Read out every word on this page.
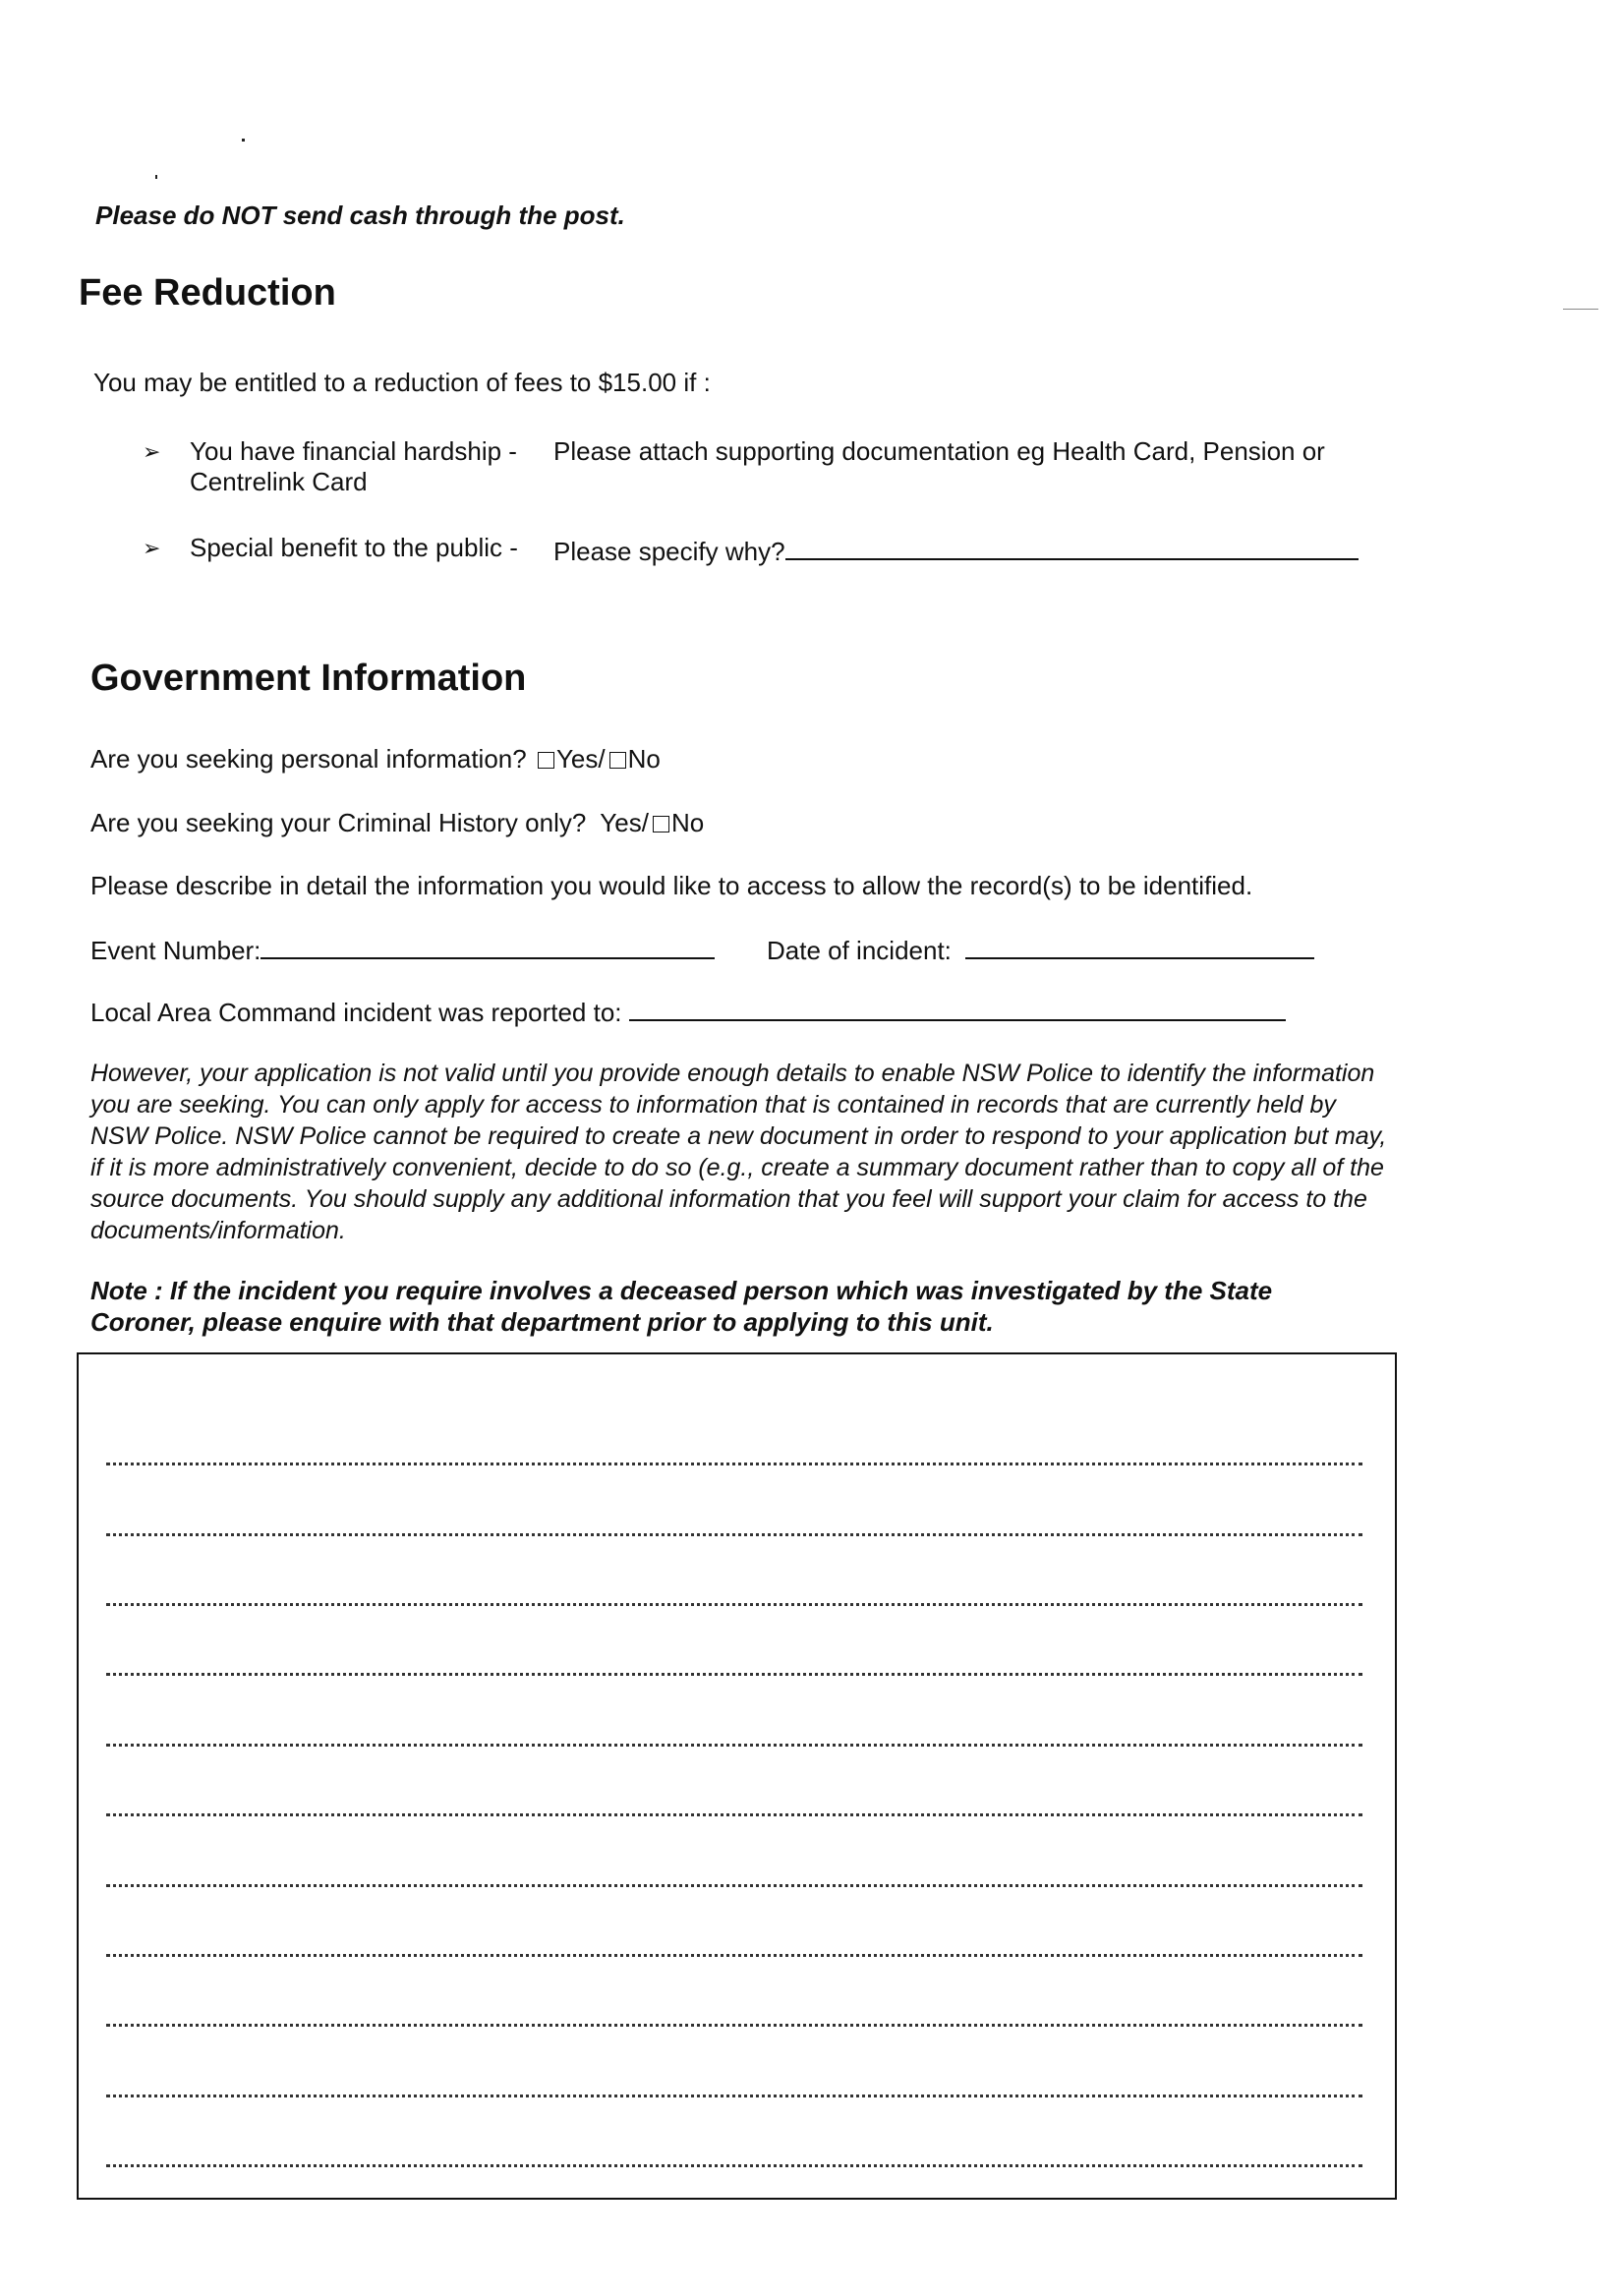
Please do NOT send cash through the post.
Fee Reduction
You may be entitled to a reduction of fees to $15.00 if :
➢ You have financial hardship - Please attach supporting documentation eg Health Card, Pension or
Centrelink Card
➢ Special benefit to the public - Please specify why?
Government Information
Are you seeking personal information? Yes/ No
Are you seeking your Criminal History only? Yes/ No
Please describe in detail the information you would like to access to allow the record(s) to be identified.
Event Number:	Date of incident:
Local Area Command incident was reported to:
However, your application is not valid until you provide enough details to enable NSW Police to identify the information you are seeking. You can only apply for access to information that is contained in records that are currently held by NSW Police. NSW Police cannot be required to create a new document in order to respond to your application but may, if it is more administratively convenient, decide to do so (e.g., create a summary document rather than to copy all of the source documents. You should supply any additional information that you feel will support your claim for access to the documents/information.
Note : If the incident you require involves a deceased person which was investigated by the State Coroner, please enquire with that department prior to applying to this unit.
